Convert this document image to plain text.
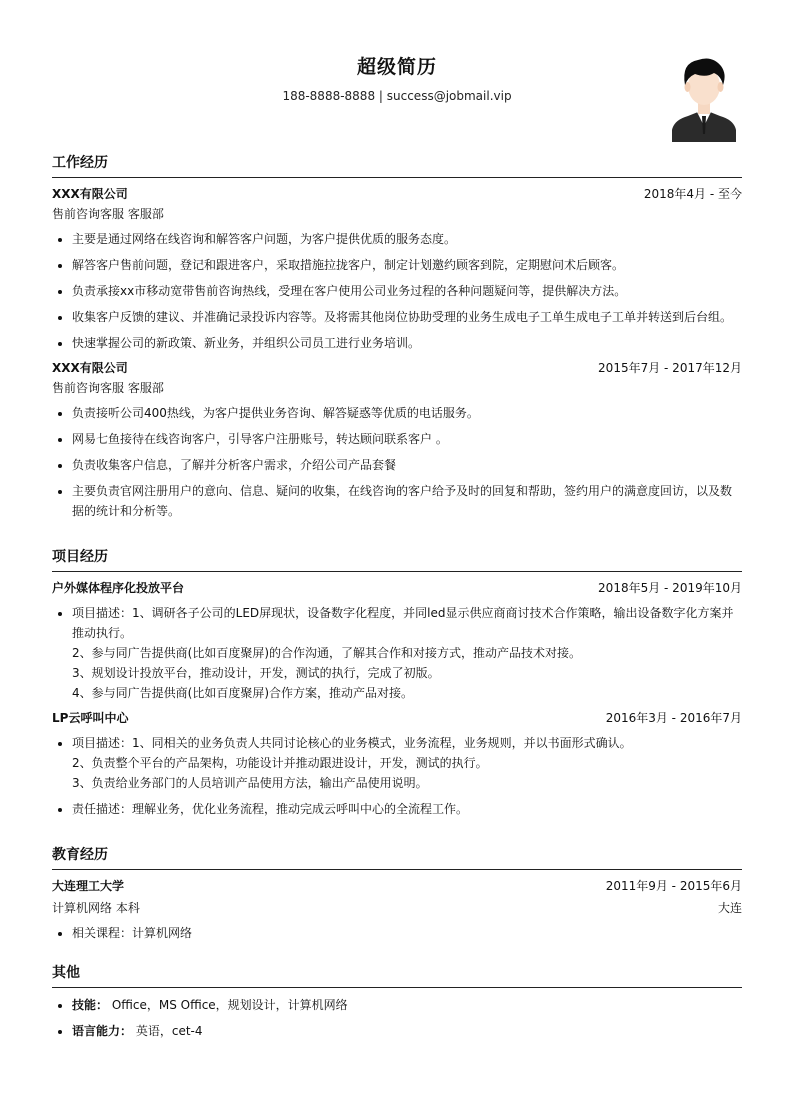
超级简历
188-8888-8888 | success@jobmail.vip
工作经历
XXX有限公司	2018年4月 - 至今
售前咨询客服 客服部
• 主要是通过网络在线咨询和解答客户问题，为客户提供优质的服务态度。
• 解答客户售前问题，登记和跟进客户，采取措施拉拢客户，制定计划邀约顾客到院，定期慰问术后顾客。
• 负责承接xx市移动宽带售前咨询热线，受理在客户使用公司业务过程的各种问题疑问等，提供解决方法。
• 收集客户反馈的建议、并准确记录投诉内容等。及将需其他岗位协助受理的业务生成电子工单生成电子工单并转送到后台组。
• 快速掌握公司的新政策、新业务，并组织公司员工进行业务培训。
XXX有限公司	2015年7月 - 2017年12月
售前咨询客服 客服部
• 负责接听公司400热线，为客户提供业务咨询、解答疑惑等优质的电话服务。
• 网易七鱼接待在线咨询客户，引导客户注册账号，转达顾问联系客户 。
• 负责收集客户信息，了解并分析客户需求，介绍公司产品套餐
• 主要负责官网注册用户的意向、信息、疑问的收集，在线咨询的客户给予及时的回复和帮助，签约用户的满意度回访，以及数据的统计和分析等。
项目经历
户外媒体程序化投放平台	2018年5月 - 2019年10月
• 项目描述：1、调研各子公司的LED屏现状，设备数字化程度，并同led显示供应商商讨技术合作策略，输出设备数字化方案并推动执行。
2、参与同广告提供商(比如百度聚屏)的合作沟通，了解其合作和对接方式，推动产品技术对接。
3、规划设计投放平台，推动设计，开发，测试的执行，完成了初版。
4、参与同广告提供商(比如百度聚屏)合作方案，推动产品对接。
LP云呼叫中心	2016年3月 - 2016年7月
• 项目描述：1、同相关的业务负责人共同讨论核心的业务模式，业务流程，业务规则，并以书面形式确认。
2、负责整个平台的产品架构，功能设计并推动跟进设计，开发，测试的执行。
3、负责给业务部门的人员培训产品使用方法，输出产品使用说明。
• 责任描述：理解业务，优化业务流程，推动完成云呼叫中心的全流程工作。
教育经历
大连理工大学	2011年9月 - 2015年6月
计算机网络 本科	大连
• 相关课程：计算机网络
其他
• 技能： Office，MS Office，规划设计，计算机网络
• 语言能力： 英语，cet-4
